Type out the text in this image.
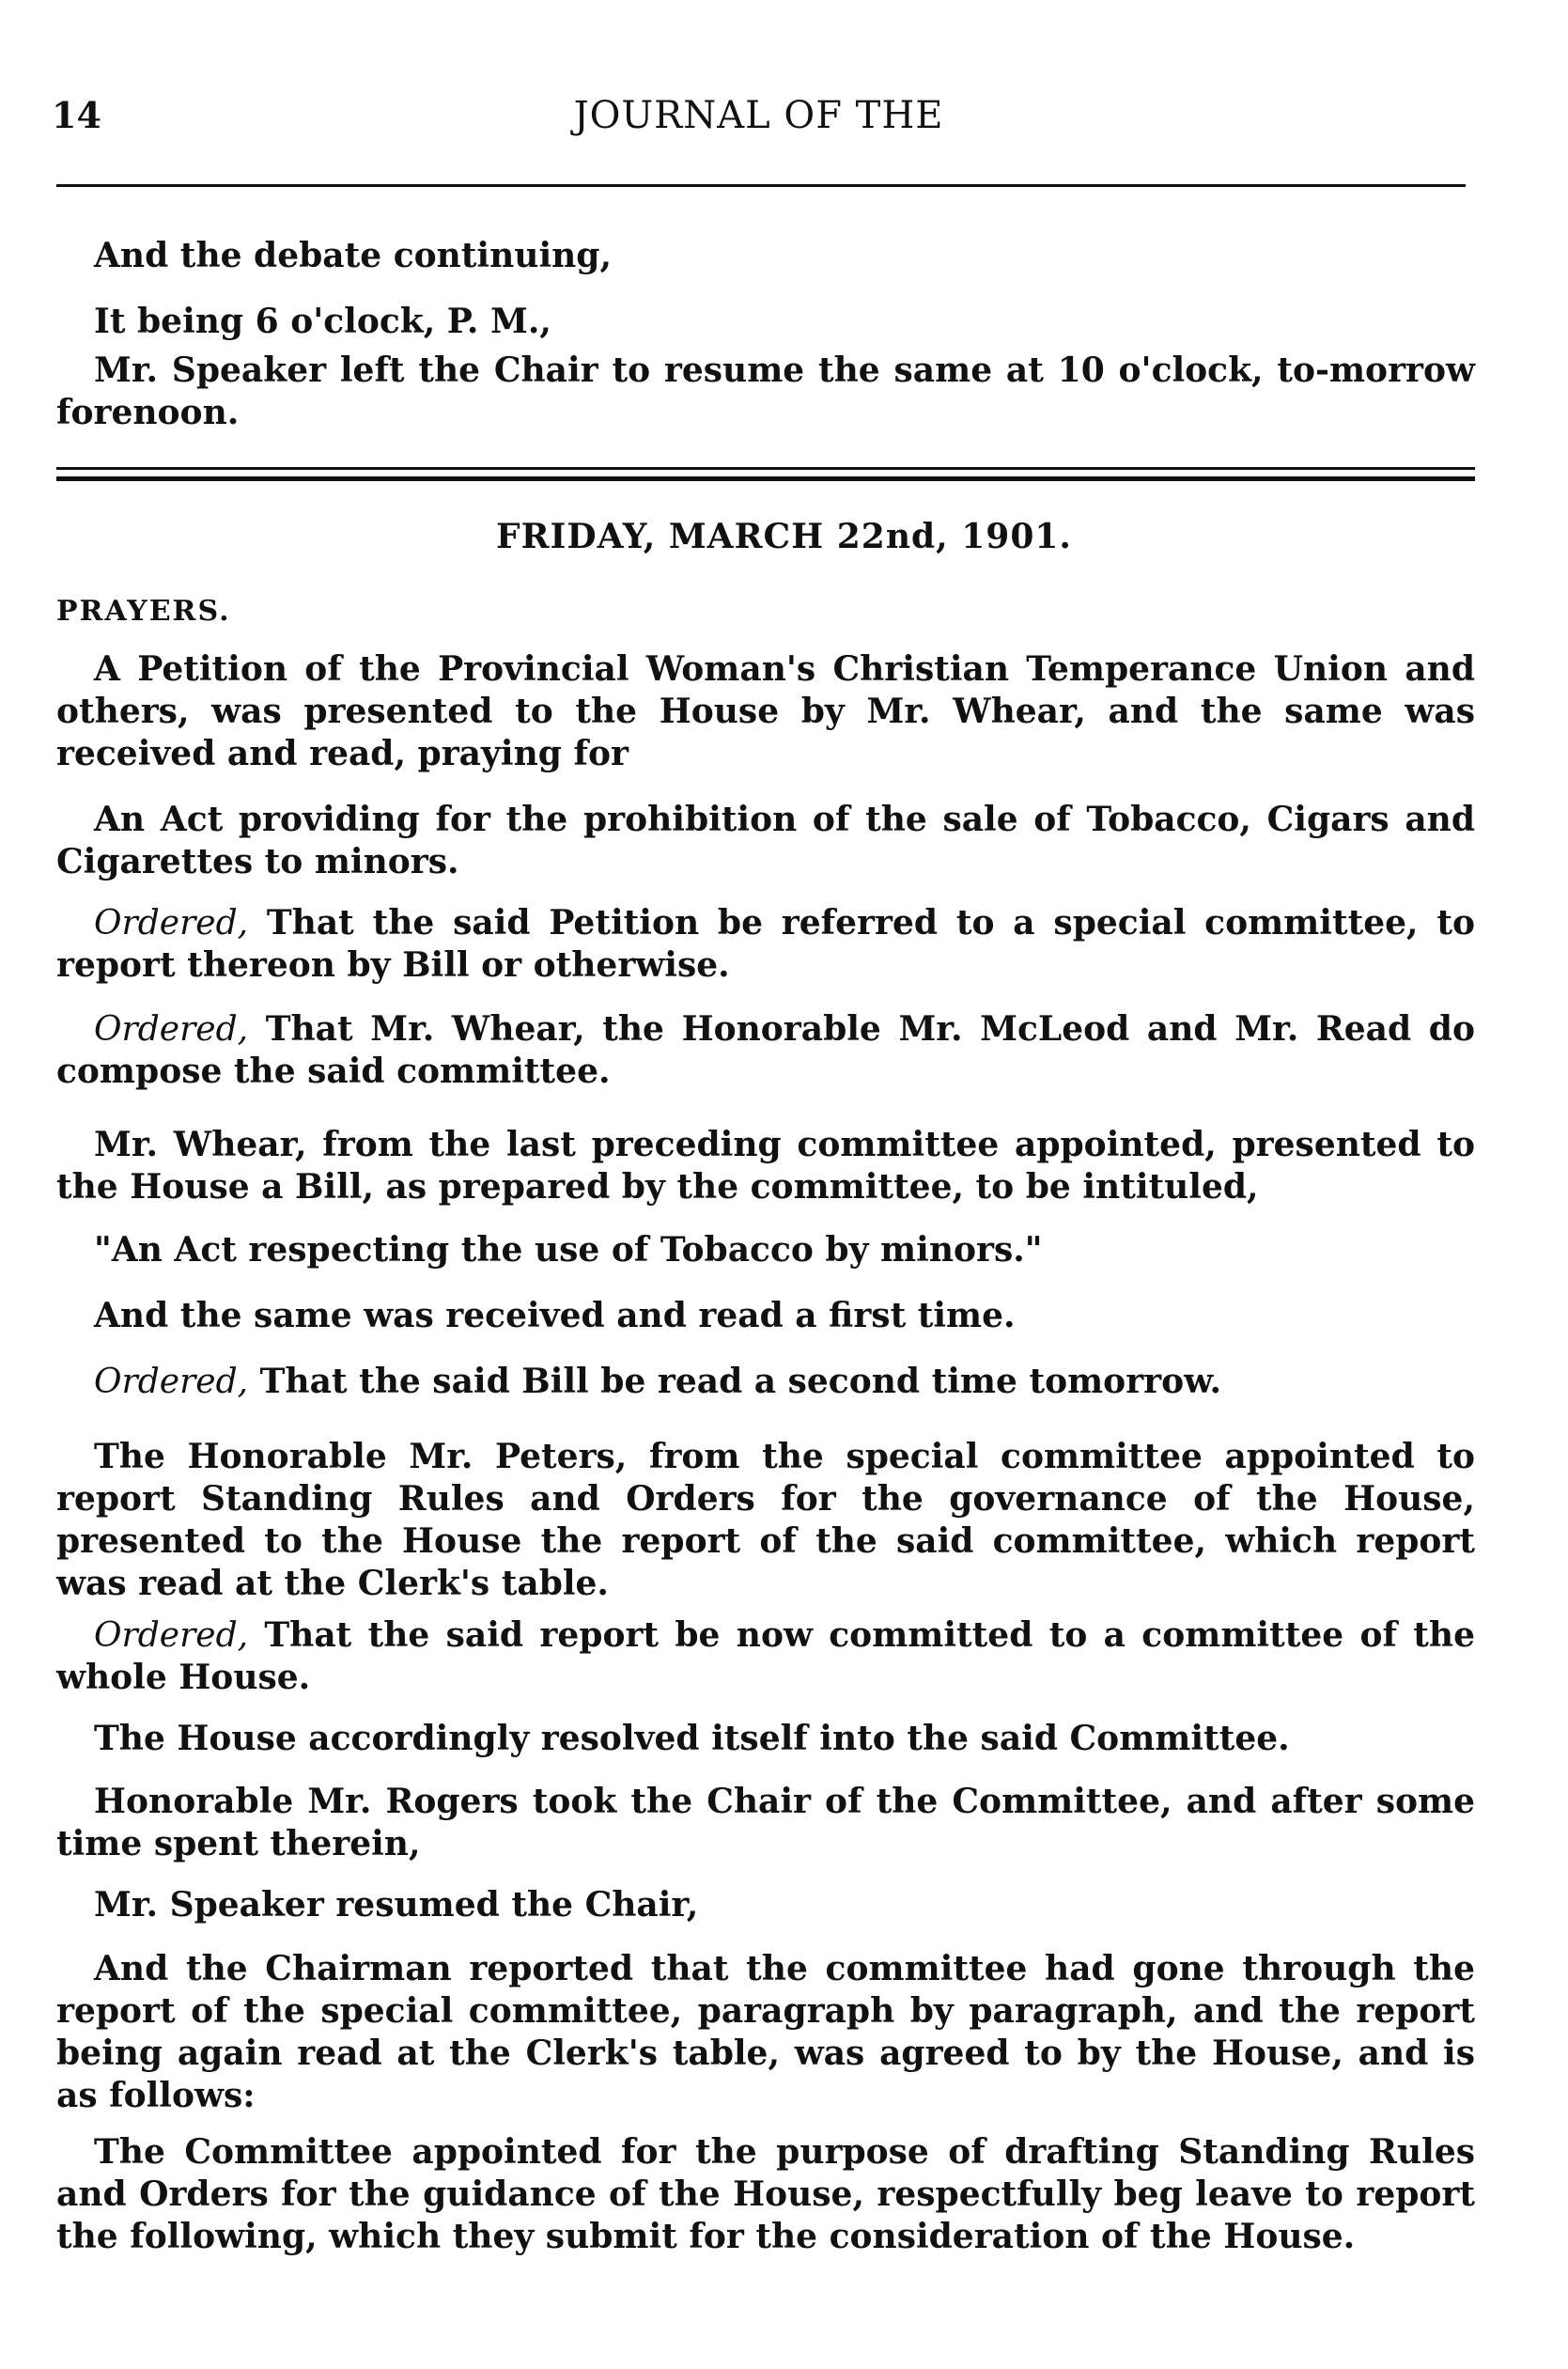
14	JOURNAL OF THE
And the debate continuing,
It being 6 o'clock, P. M.,
Mr. Speaker left the Chair to resume the same at 10 o'clock, to-morrow forenoon.
FRIDAY, MARCH 22nd, 1901.
PRAYERS.
A Petition of the Provincial Woman's Christian Temperance Union and others, was presented to the House by Mr. Whear, and the same was received and read, praying for
An Act providing for the prohibition of the sale of Tobacco, Cigars and Cigarettes to minors.
Ordered, That the said Petition be referred to a special committee, to report thereon by Bill or otherwise.
Ordered, That Mr. Whear, the Honorable Mr. McLeod and Mr. Read do compose the said committee.
Mr. Whear, from the last preceding committee appointed, presented to the House a Bill, as prepared by the committee, to be intituled,
"An Act respecting the use of Tobacco by minors."
And the same was received and read a first time.
Ordered, That the said Bill be read a second time tomorrow.
The Honorable Mr. Peters, from the special committee appointed to report Standing Rules and Orders for the governance of the House, presented to the House the report of the said committee, which report was read at the Clerk's table.
Ordered, That the said report be now committed to a committee of the whole House.
The House accordingly resolved itself into the said Committee.
Honorable Mr. Rogers took the Chair of the Committee, and after some time spent therein,
Mr. Speaker resumed the Chair,
And the Chairman reported that the committee had gone through the report of the special committee, paragraph by paragraph, and the report being again read at the Clerk's table, was agreed to by the House, and is as follows:
The Committee appointed for the purpose of drafting Standing Rules and Orders for the guidance of the House, respectfully beg leave to report the following, which they submit for the consideration of the House.
